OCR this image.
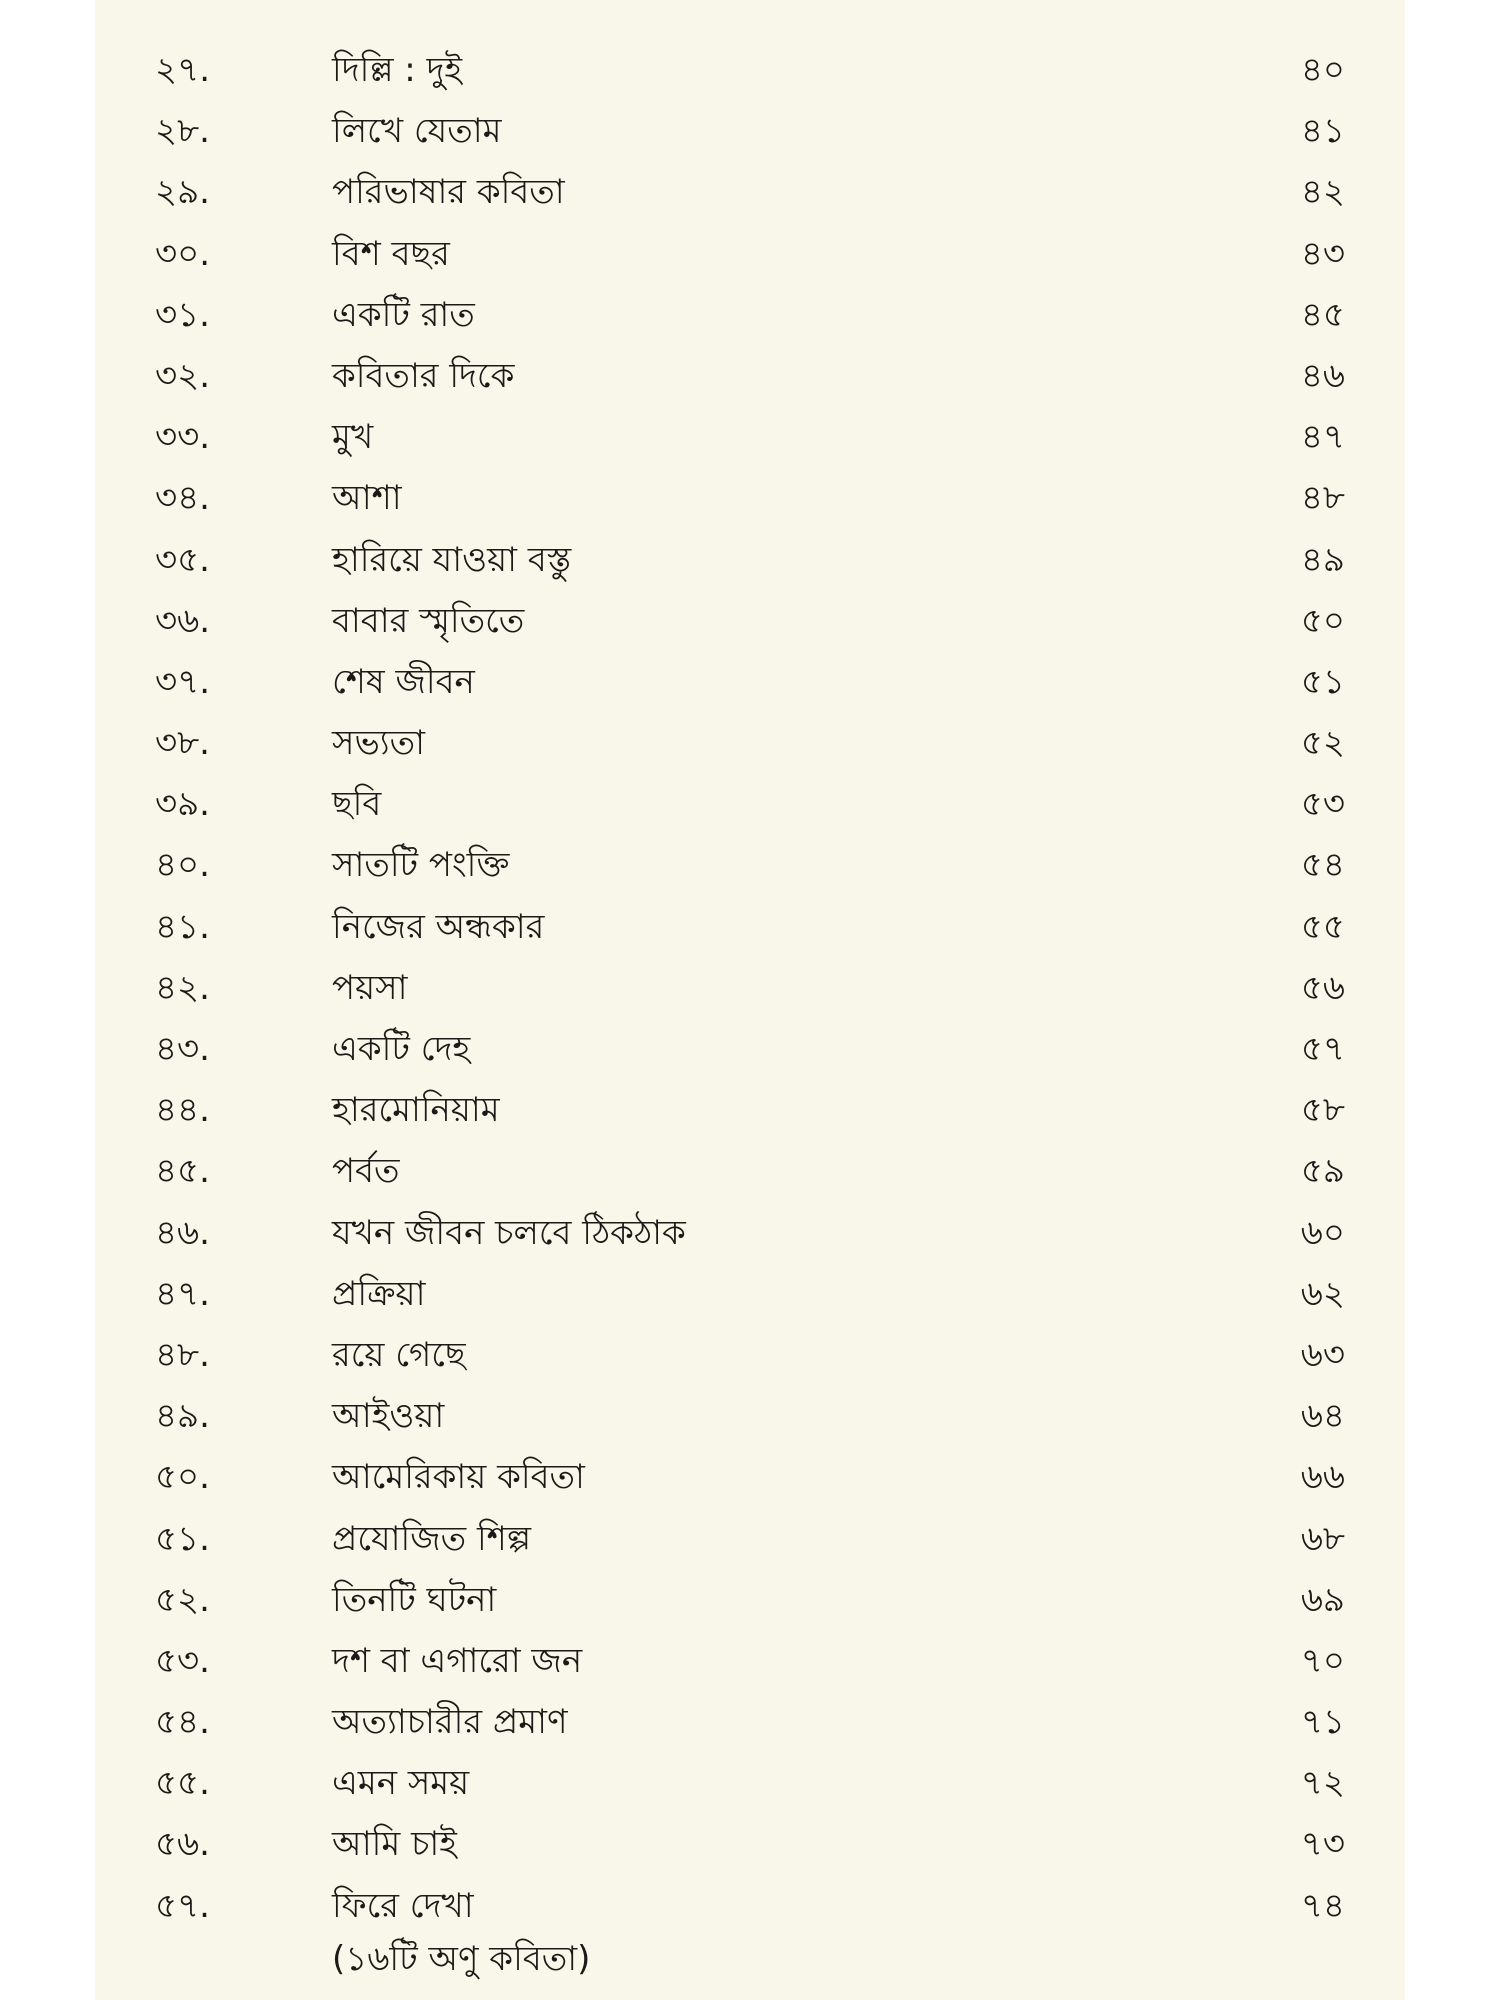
২৭.	দিল্লি : দুই	৪০
২৮.	লিখে যেতাম	৪১
২৯.	পরিভাষার কবিতা	৪২
৩০.	বিশ বছর	৪৩
৩১.	একটি রাত	৪৫
৩২.	কবিতার দিকে	৪৬
৩৩.	মুখ	৪৭
৩৪.	আশা	৪৮
৩৫.	হারিয়ে যাওয়া বস্তু	৪৯
৩৬.	বাবার স্মৃতিতে	৫০
৩৭.	শেষ জীবন	৫১
৩৮.	সভ্যতা	৫২
৩৯.	ছবি	৫৩
৪০.	সাতটি পংক্তি	৫৪
৪১.	নিজের অন্ধকার	৫৫
৪২.	পয়সা	৫৬
৪৩.	একটি দেহ	৫৭
৪৪.	হারমোনিয়াম	৫৮
৪৫.	পর্বত	৫৯
৪৬.	যখন জীবন চলবে ঠিকঠাক	৬০
৪৭.	প্রক্রিয়া	৬২
৪৮.	রয়ে গেছে	৬৩
৪৯.	আইওয়া	৬৪
৫০.	আমেরিকায় কবিতা	৬৬
৫১.	প্রযোজিত শিল্প	৬৮
৫২.	তিনটি ঘটনা	৬৯
৫৩.	দশ বা এগারো জন	৭০
৫৪.	অত্যাচারীর প্রমাণ	৭১
৫৫.	এমন সময়	৭২
৫৬.	আমি চাই	৭৩
৫৭.	ফিরে দেখা	৭৪
(১৬টি অণু কবিতা)
